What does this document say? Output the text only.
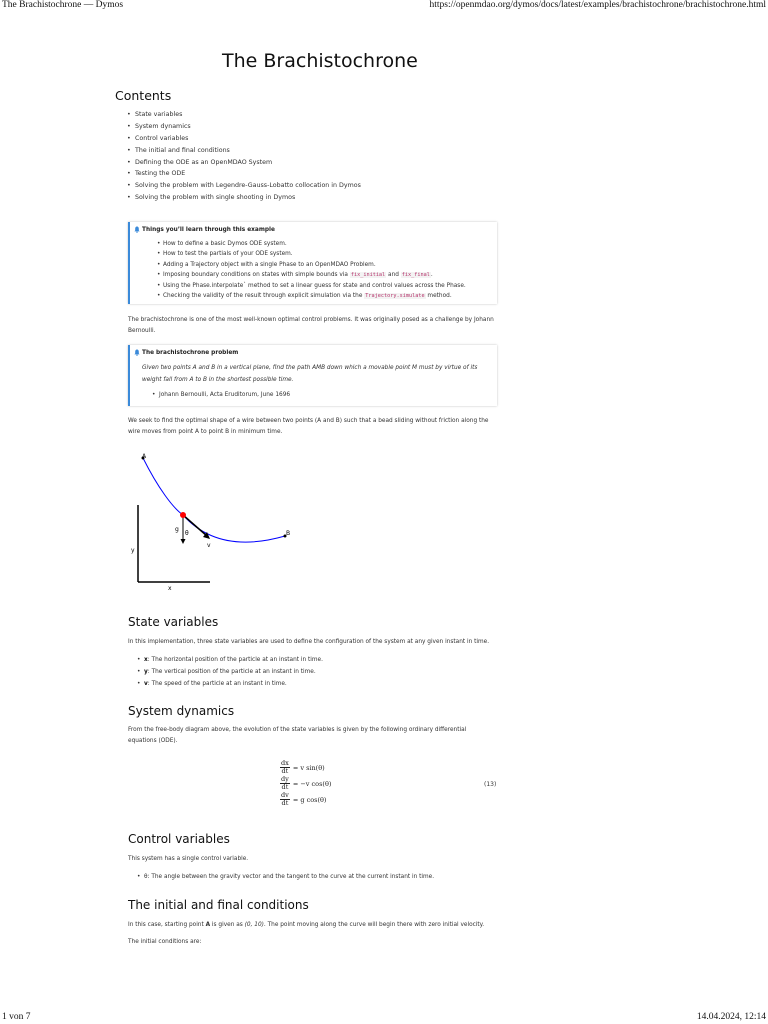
The Brachistochrone — Dymos	https://openmdao.org/dymos/docs/latest/examples/brachistochrone/brachistochrone.html
The Brachistochrone
Contents
• State variables
• System dynamics
• Control variables
• The initial and final conditions
• Defining the ODE as an OpenMDAO System
• Testing the ODE
• Solving the problem with Legendre-Gauss-Lobatto collocation in Dymos
• Solving the problem with single shooting in Dymos
Things you’ll learn through this example
• How to define a basic Dymos ODE system.
• How to test the partials of your ODE system.
• Adding a Trajectory object with a single Phase to an OpenMDAO Problem.
• Imposing boundary conditions on states with simple bounds via fix_initial and fix_final.
• Using the Phase.interpolate` method to set a linear guess for state and control values across the Phase.
• Checking the validity of the result through explicit simulation via the Trajectory.simulate method.

The brachistochrone is one of the most well-known optimal control problems. It was originally posed as a challenge by Johann Bernoulli.

The brachistochrone problem

Given two points A and B in a vertical plane, find the path AMB down which a movable point M must by virtue of its weight fall from A to B in the shortest possible time.

• Johann Bernoulli, Acta Eruditorum, June 1696

We seek to find the optimal shape of a wire between two points (A and B) such that a bead sliding without friction along the wire moves from point A to point B in minimum time.

A
B
g
θ
v
x
y
State variables

In this implementation, three state variables are used to define the configuration of the system at any given instant in time.

• x: The horizontal position of the particle at an instant in time.
• y: The vertical position of the particle at an instant in time.
• v: The speed of the particle at an instant in time.
System dynamics

From the free-body diagram above, the evolution of the state variables is given by the following ordinary differential equations (ODE).

$\frac{dx}{dt} = v$ sin(θ)
$\frac{dy}{dt} = -v$ cos(θ)
$\frac{dv}{dt} = g$ cos(θ)
(13)
Control variables

This system has a single control variable.

• θ: The angle between the gravity vector and the tangent to the curve at the current instant in time.
The initial and final conditions

In this case, starting point A is given as (0, 10). The point moving along the curve will begin there with zero initial velocity.

The initial conditions are:

1 von 7	14.04.2024, 12:14
